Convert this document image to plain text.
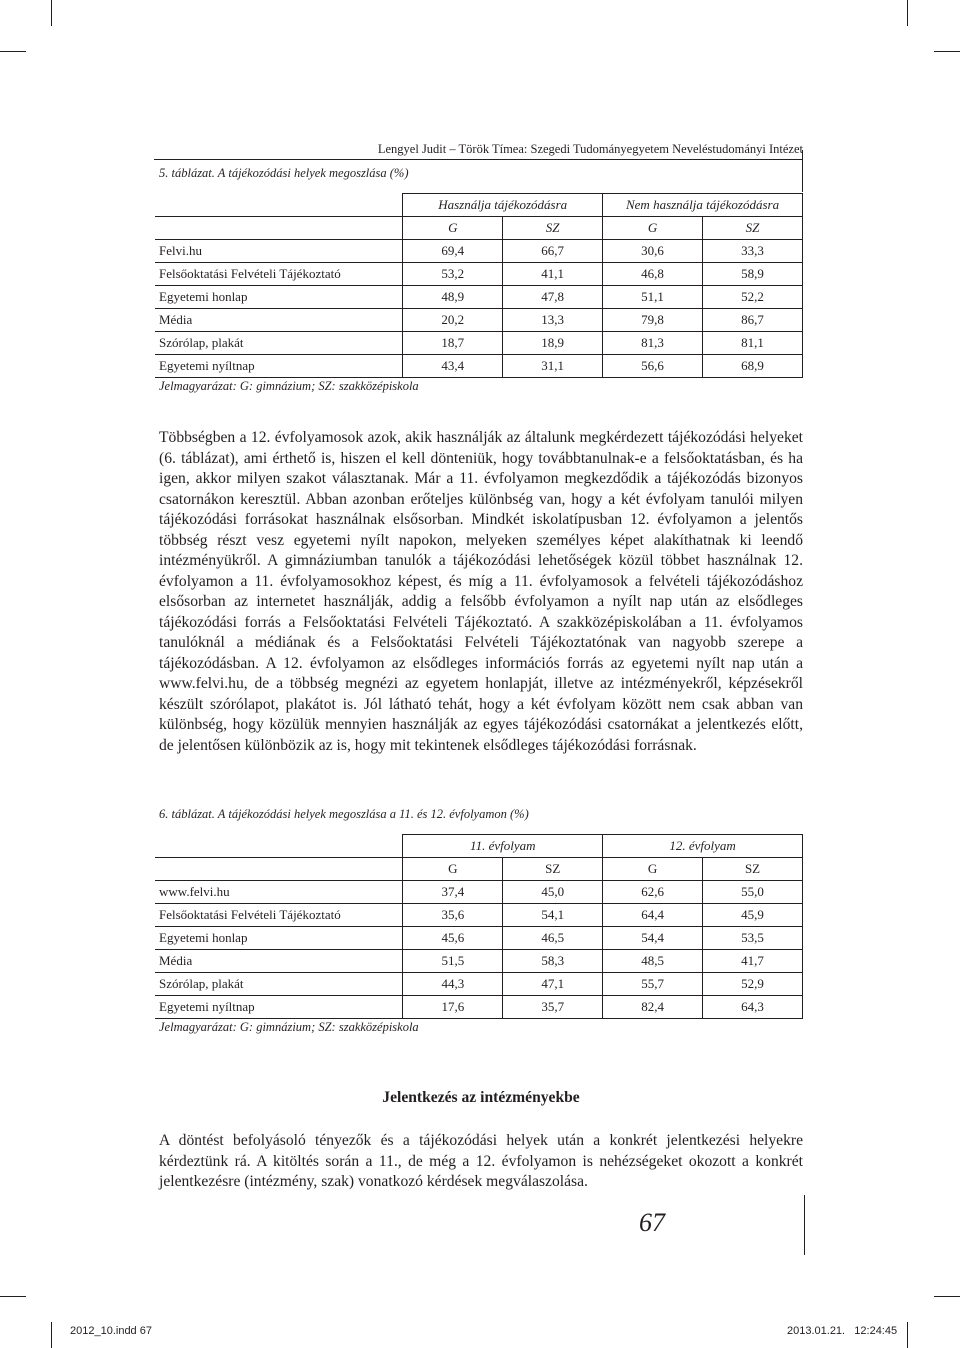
Lengyel Judit – Török Tímea: Szegedi Tudományegyetem Neveléstudományi Intézet
5. táblázat. A tájékozódási helyek megoszlása (%)
	Használja tájékozódásra		Nem használja tájékozódásra	
	G	SZ	G	SZ
Felvi.hu	69,4	66,7	30,6	33,3
Felsőoktatási Felvételi Tájékoztató	53,2	41,1	46,8	58,9
Egyetemi honlap	48,9	47,8	51,1	52,2
Média	20,2	13,3	79,8	86,7
Szórólap, plakát	18,7	18,9	81,3	81,1
Egyetemi nyíltnap	43,4	31,1	56,6	68,9
Jelmagyarázat: G: gimnázium; SZ: szakközépiskola

Többségben a 12. évfolyamosok azok, akik használják az általunk megkérdezett tájékozódási helyeket (6. táblázat), ami érthető is, hiszen el kell dönteniük, hogy továbbtanulnak-e a felsőoktatásban, és ha igen, akkor milyen szakot választanak. Már a 11. évfolyamon megkezdődik a tájékozódás bizonyos csatornákon keresztül. Abban azonban erőteljes különbség van, hogy a két évfolyam tanulói milyen tájékozódási forrásokat használnak elsősorban. Mindkét iskolatípusban 12. évfolyamon a jelentős többség részt vesz egyetemi nyílt napokon, melyeken személyes képet alakíthatnak ki leendő intézményükről. A gimnáziumban tanulók a tájékozódási lehetőségek közül többet használnak 12. évfolyamon a 11. évfolyamosokhoz képest, és míg a 11. évfolyamosok a felvételi tájékozódáshoz elsősorban az internetet használják, addig a felsőbb évfolyamon a nyílt nap után az elsődleges tájékozódási forrás a Felsőoktatási Felvételi Tájékoztató. A szakközépiskolában a 11. évfolyamos tanulóknál a médiának és a Felsőoktatási Felvételi Tájékoztatónak van nagyobb szerepe a tájékozódásban. A 12. évfolyamon az elsődleges információs forrás az egyetemi nyílt nap után a www.felvi.hu, de a többség megnézi az egyetem honlapját, illetve az intézményekről, képzésekről készült szórólapot, plakátot is. Jól látható tehát, hogy a két évfolyam között nem csak abban van különbség, hogy közülük mennyien használják az egyes tájékozódási csatornákat a jelentkezés előtt, de jelentősen különbözik az is, hogy mit tekintenek elsődleges tájékozódási forrásnak.

6. táblázat. A tájékozódási helyek megoszlása a 11. és 12. évfolyamon (%)
	11. évfolyam		12. évfolyam	
	G	SZ	G	SZ
www.felvi.hu	37,4	45,0	62,6	55,0
Felsőoktatási Felvételi Tájékoztató	35,6	54,1	64,4	45,9
Egyetemi honlap	45,6	46,5	54,4	53,5
Média	51,5	58,3	48,5	41,7
Szórólap, plakát	44,3	47,1	55,7	52,9
Egyetemi nyíltnap	17,6	35,7	82,4	64,3
Jelmagyarázat: G: gimnázium; SZ: szakközépiskola
Jelentkezés az intézményekbe

A döntést befolyásoló tényezők és a tájékozódási helyek után a konkrét jelentkezési helyekre kérdeztünk rá. A kitöltés során a 11., de még a 12. évfolyamon is nehézségeket okozott a konkrét jelentkezésre (intézmény, szak) vonatkozó kérdések megválaszolása.

67
2012_10.indd 67	2013.01.21.   12:24:45
